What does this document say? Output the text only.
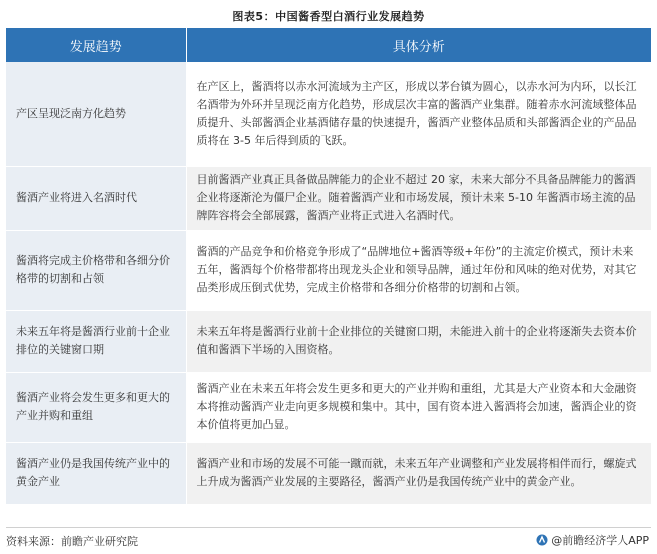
图表5：中国酱香型白酒行业发展趋势
发展趋势	具体分析
产区呈现泛南方化趋势	在产区上，酱酒将以赤水河流域为主产区，形成以茅台镇为圆心，以赤水河为内环，以长江名酒带为外环并呈现泛南方化趋势，形成层次丰富的酱酒产业集群。随着赤水河流域整体品质提升、头部酱酒企业基酒储存量的快速提升，酱酒产业整体品质和头部酱酒企业的产品品质将在 3-5 年后得到质的飞跃。
酱酒产业将进入名酒时代	目前酱酒产业真正具备做品牌能力的企业不超过 20 家，未来大部分不具备品牌能力的酱酒企业将逐渐沦为僵尸企业。随着酱酒产业和市场发展，预计未来 5-10 年酱酒市场主流的品牌阵容将会全部展露，酱酒产业将正式进入名酒时代。
酱酒将完成主价格带和各细分价格带的切割和占领	酱酒的产品竞争和价格竞争形成了“品牌地位+酱酒等级+年份”的主流定价模式，预计未来五年，酱酒每个价格带都将出现龙头企业和领导品牌，通过年份和风味的绝对优势，对其它品类形成压倒式优势，完成主价格带和各细分价格带的切割和占领。
未来五年将是酱酒行业前十企业排位的关键窗口期	未来五年将是酱酒行业前十企业排位的关键窗口期，未能进入前十的企业将逐渐失去资本价值和酱酒下半场的入围资格。
酱酒产业将会发生更多和更大的产业并购和重组	酱酒产业在未来五年将会发生更多和更大的产业并购和重组，尤其是大产业资本和大金融资本将推动酱酒产业走向更多规模和集中。其中，国有资本进入酱酒将会加速，酱酒企业的资本价值将更加凸显。
酱酒产业仍是我国传统产业中的黄金产业	酱酒产业和市场的发展不可能一蹴而就，未来五年产业调整和产业发展将相伴而行，螺旋式上升成为酱酒产业发展的主要路径，酱酒产业仍是我国传统产业中的黄金产业。
资料来源：前瞻产业研究院	@前瞻经济学人APP
